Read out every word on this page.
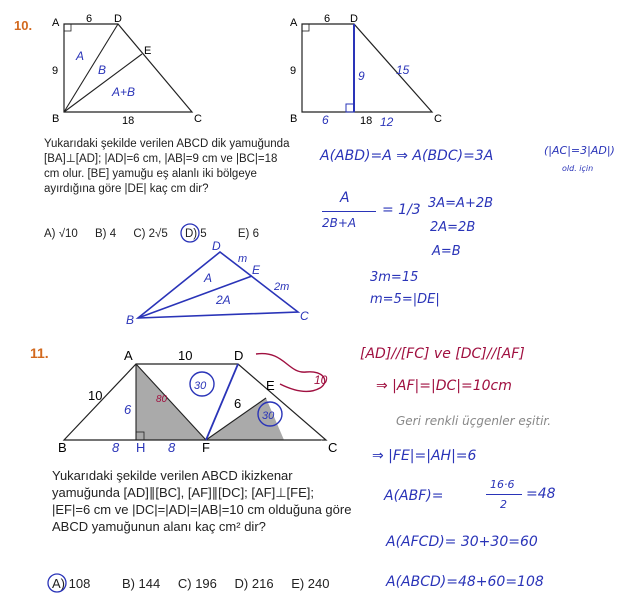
10. A	D
E
B	C
6
9
18
A
B
A+B
A	D
B	C
6
9
18
9	15
6	12
Yukarıdaki şekilde verilen ABCD dik yamuğunda [BA]⊥[AD]; |AD|=6 cm, |AB|=9 cm ve |BC|=18 cm olur. [BE] yamuğu eş alanlı iki bölgeye ayırdığına göre |DE| kaç cm dir?
A) √10 B) 4 C) 2√5 D) 5	E) 6
B	C
D
E
m
2m
A
2A
A(ABD)=A ⇒ A(BDC)=3A	(|AC|=3|AD|)
old. için
A
2B+A
= 1/3 3A=A+2B
2A=2B
A=B
3m=15
m=5=|DE|
11.	A	D
E
B	C
F
H
10
10
6
6
8	8
30
30
80
10
Yukarıdaki şekilde verilen ABCD ikizkenar yamuğunda [AD]∥[BC], [AF]∥[DC]; [AF]⊥[FE]; |EF|=6 cm ve |DC|=|AD|=|AB|=10 cm olduğuna göre ABCD yamuğunun alanı kaç cm² dir?
A) 108 B) 144 C) 196 D) 216 E) 240
[AD]//[FC] ve [DC]//[AF]
⇒ |AF|=|DC|=10cm
Geri renkli üçgenler eşitir.
⇒ |FE|=|AH|=6
A(ABF)=
16·6
2
=48
A(AFCD)= 30+30=60
A(ABCD)=48+60=108
